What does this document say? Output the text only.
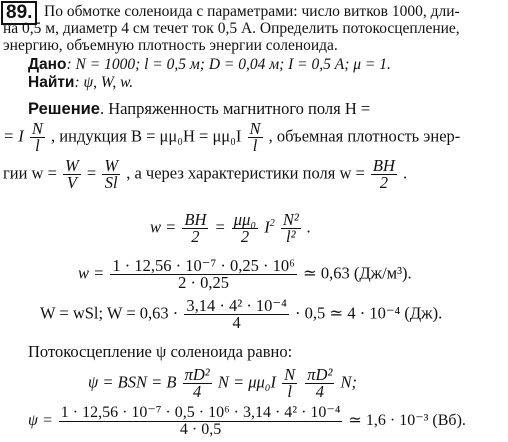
89. По обмотке соленоида с параметрами: число витков 1000, дли-
на 0,5 м, диаметр 4 см течет ток 0,5 А. Определить потокосцепление,
энергию, объемную плотность энергии соленоида.
Дано: N = 1000; l = 0,5 м; D = 0,04 м; I = 0,5 А; μ = 1.
Найти: ψ, W, w.
Решение. Напряженность магнитного поля H =
= I $\frac{N}{l}$ , индукция $B = \mu\mu_0H = \mu\mu_0I \frac{N}{l}$ , объемная плотность энер-
гии $w = \frac{W}{V} = \frac{W}{Sl}$ , а через характеристики поля $w = \frac{BH}{2}$ .
$w = \frac{BH}{2} = \frac{\text{μμ₀}}{2} I^2 \frac{\text{N²}}{\text{l²}}$ .
$w = \frac{\text{1 · 12,56 · 10⁻⁷ · 0,25 · 10⁶}}{2 \cdot 0,25}$ ≃ 0,63 (Дж/м³).
W = wSl; $W = 0,63 \cdot \frac{\text{3,14 · 4² · 10⁻⁴}}{4} \cdot 0,5$ ≃ 4 · 10⁻⁴ (Дж).
Потокосцепление ψ соленоида равно:
ψ = BSN = B $\frac{\text{πD²}}{4}$ $N = \mu\mu_0I \frac{N}{l}$
$\frac{\text{πD²}}{4} N$;
$\psi = \frac{\text{1 · 12,56 · 10⁻⁷ · 0,5 · 10⁶ · 3,14 · 4² · 10⁻⁴}}{4 \cdot 0,5}$ ≃ 1,6 · 10⁻³ (Вб).
